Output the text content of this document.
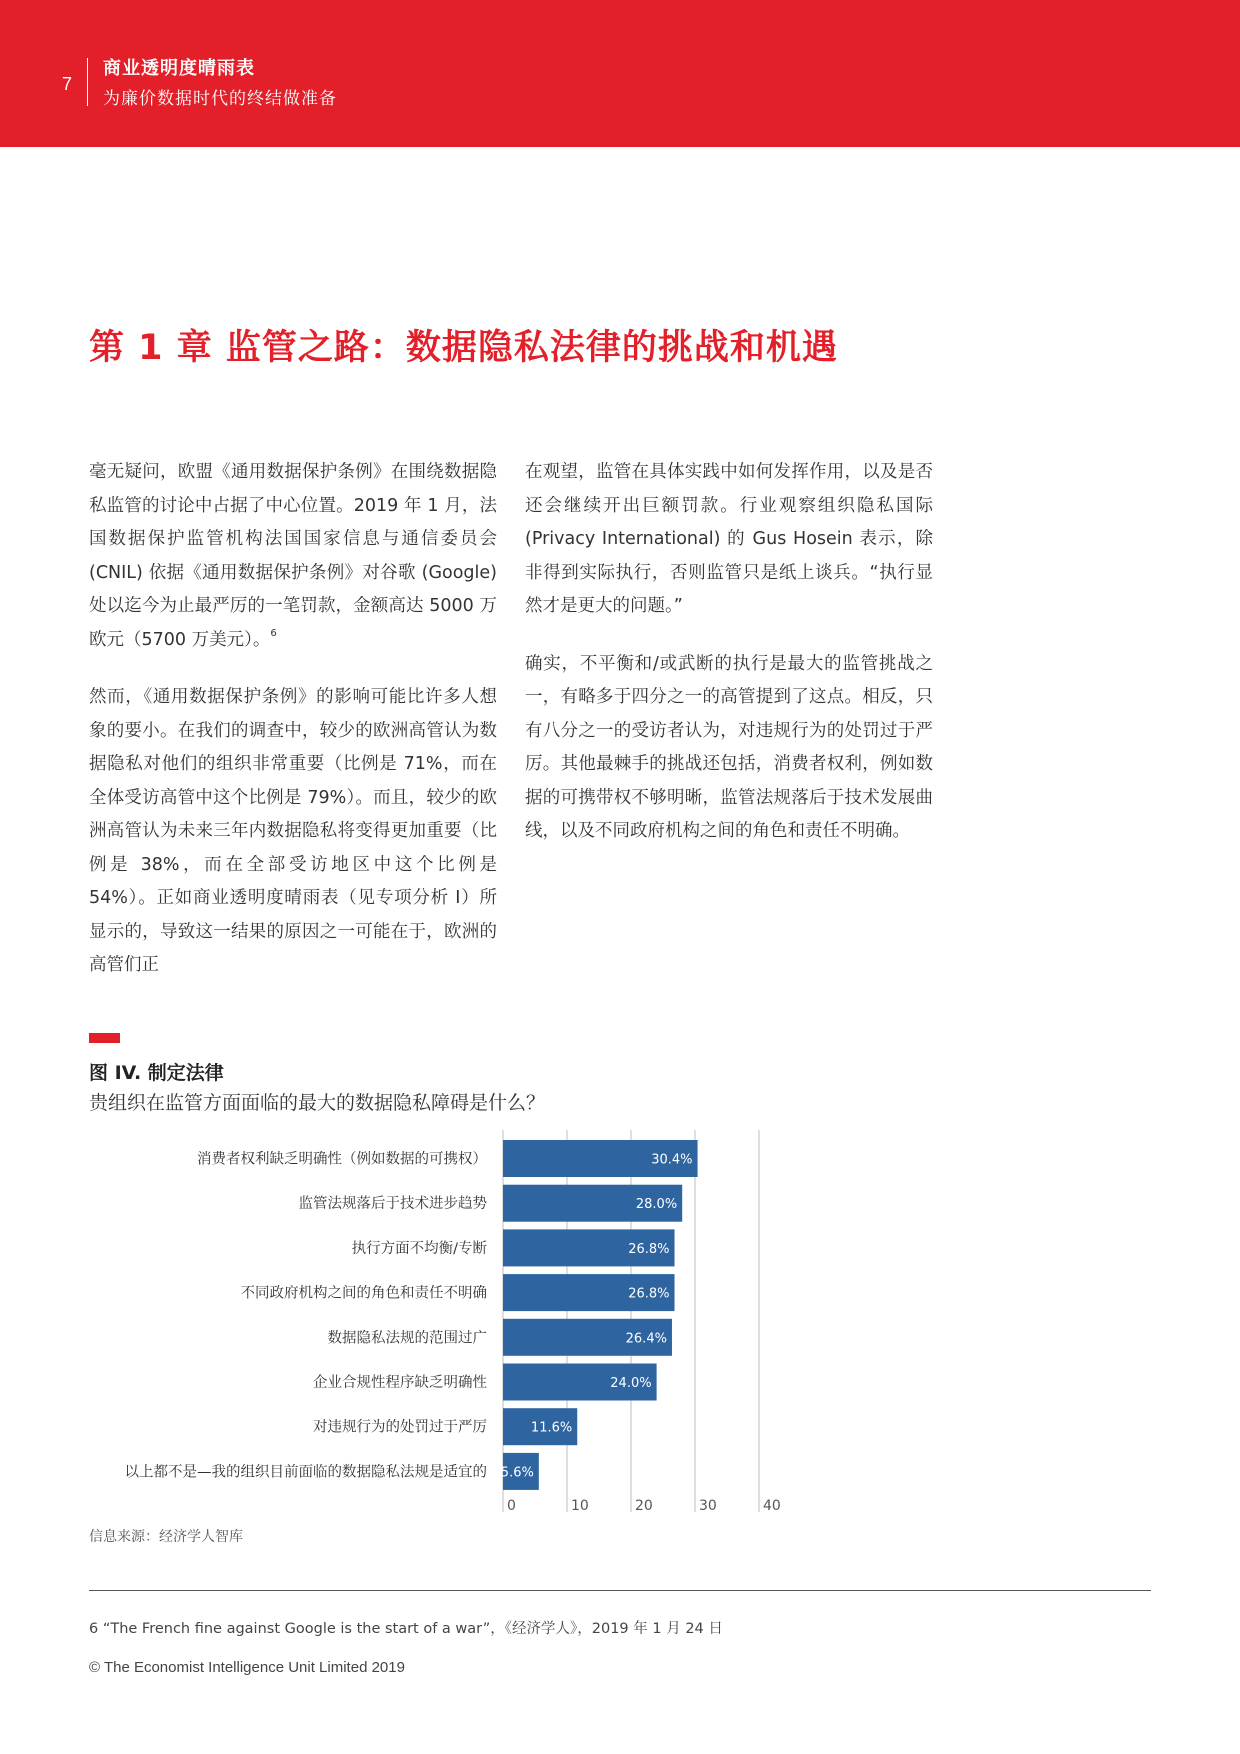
7
商业透明度晴雨表
为廉价数据时代的终结做准备
第 1 章 监管之路：数据隐私法律的挑战和机遇

毫无疑问，欧盟《通用数据保护条例》在围绕数据隐私监管的讨论中占据了中心位置。2019 年 1 月，法国数据保护监管机构法国国家信息与通信委员会 (CNIL) 依据《通用数据保护条例》对谷歌 (Google) 处以迄今为止最严厉的一笔罚款，金额高达 5000 万欧元（5700 万美元）。$^6$

然而，《通用数据保护条例》的影响可能比许多人想象的要小。在我们的调查中，较少的欧洲高管认为数据隐私对他们的组织非常重要（比例是 71%，而在全体受访高管中这个比例是 79%）。而且，较少的欧洲高管认为未来三年内数据隐私将变得更加重要（比例是 38%，而在全部受访地区中这个比例是 54%）。正如商业透明度晴雨表（见专项分析 I）所显示的，导致这一结果的原因之一可能在于，欧洲的高管们正

在观望，监管在具体实践中如何发挥作用，以及是否还会继续开出巨额罚款。行业观察组织隐私国际 (Privacy International) 的 Gus Hosein 表示，除非得到实际执行，否则监管只是纸上谈兵。“执行显然才是更大的问题。”

确实，不平衡和/或武断的执行是最大的监管挑战之一，有略多于四分之一的高管提到了这点。相反，只有八分之一的受访者认为，对违规行为的处罚过于严厉。其他最棘手的挑战还包括，消费者权利，例如数据的可携带权不够明晰，监管法规落后于技术发展曲线，以及不同政府机构之间的角色和责任不明确。

图 IV. 制定法律
贵组织在监管方面面临的最大的数据隐私障碍是什么？
0	10	20	30	40
消费者权利缺乏明确性（例如数据的可携权）	30.4%
监管法规落后于技术进步趋势	28.0%
执行方面不均衡/专断	26.8%
不同政府机构之间的角色和责任不明确	26.8%
数据隐私法规的范围过广	26.4%
企业合规性程序缺乏明确性	24.0%
对违规行为的处罚过于严厉	11.6%
以上都不是—我的组织目前面临的数据隐私法规是适宜的 5.6%
信息来源：经济学人智库
6 “The French fine against Google is the start of a war”，《经济学人》，2019 年 1 月 24 日
© The Economist Intelligence Unit Limited 2019
